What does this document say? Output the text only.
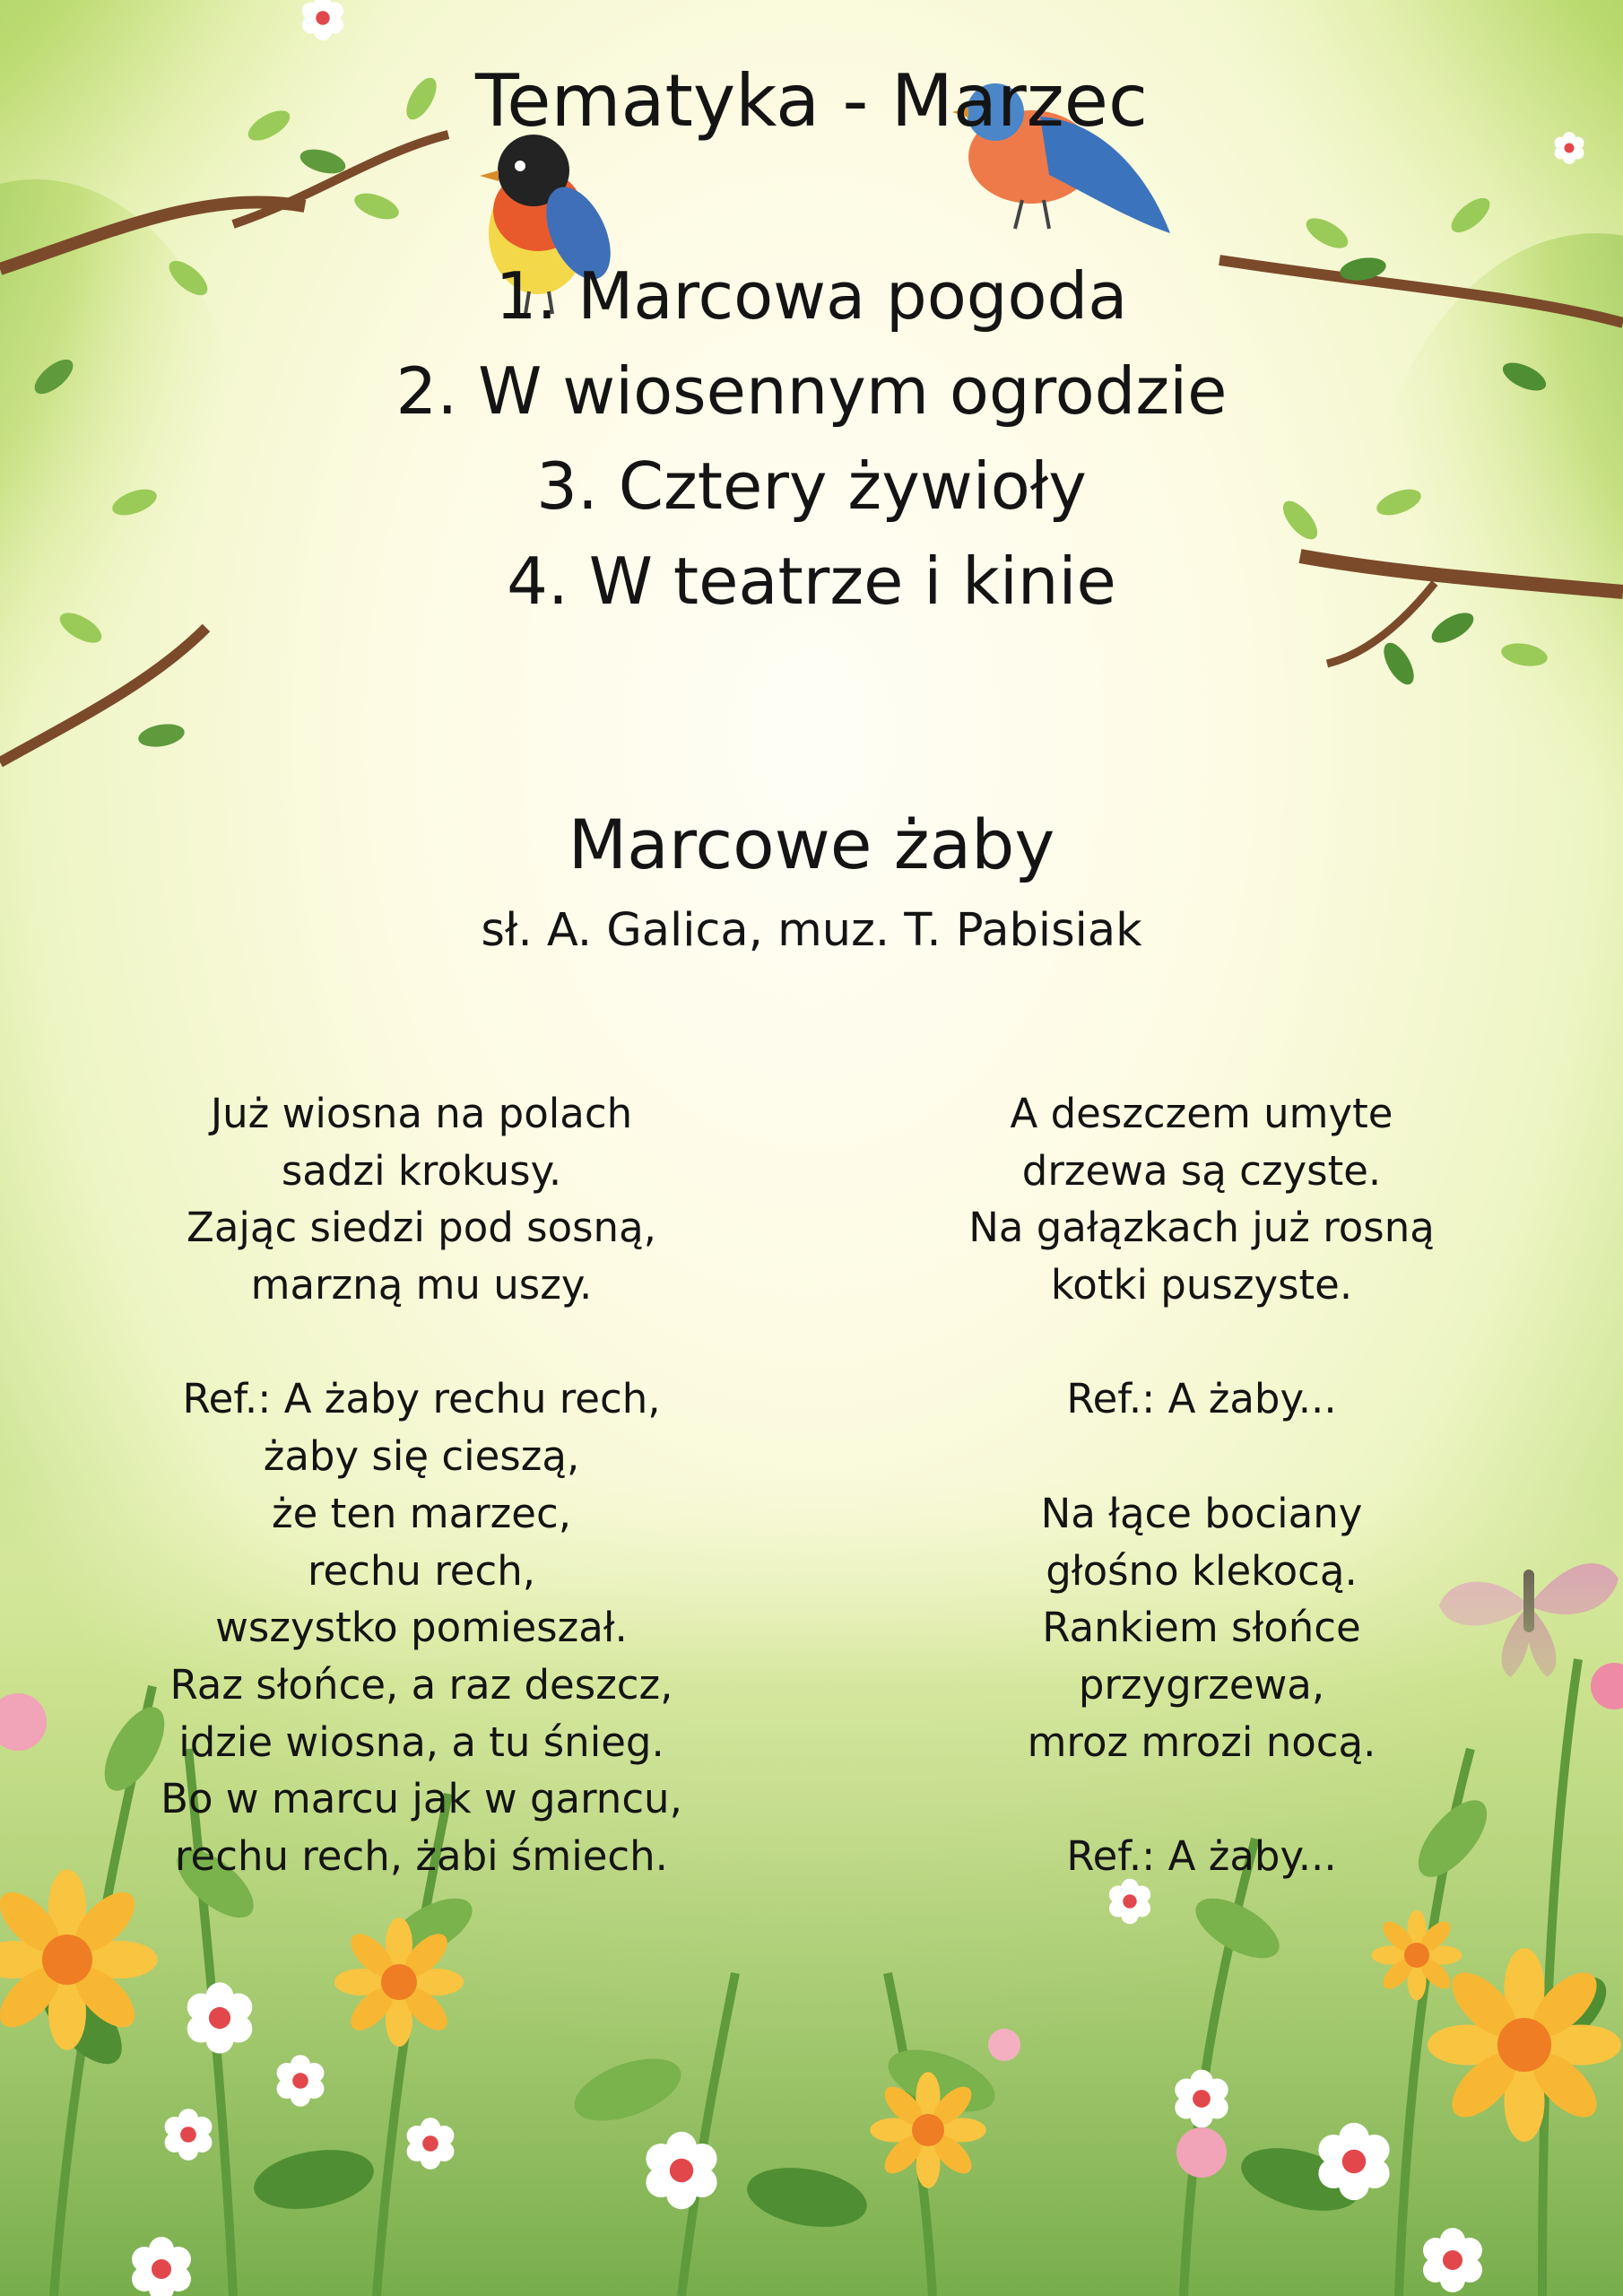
Tematyka - Marzec
1. Marcowa pogoda
2. W wiosennym ogrodzie
3. Cztery żywioły
4. W teatrze i kinie
Marcowe żaby
sł. A. Galica, muz. T. Pabisiak
Już wiosna na polach
sadzi krokusy.
Zając siedzi pod sosną,
marzną mu uszy.
Ref.: A żaby rechu rech,
żaby się cieszą,
że ten marzec,
rechu rech,
wszystko pomieszał.
Raz słońce, a raz deszcz,
idzie wiosna, a tu śnieg.
Bo w marcu jak w garncu,
rechu rech, żabi śmiech.
A deszczem umyte
drzewa są czyste.
Na gałązkach już rosną
kotki puszyste.
Ref.: A żaby...
Na łące bociany
głośno klekocą.
Rankiem słońce
przygrzewa,
mroz mrozi nocą.
Ref.: A żaby...
